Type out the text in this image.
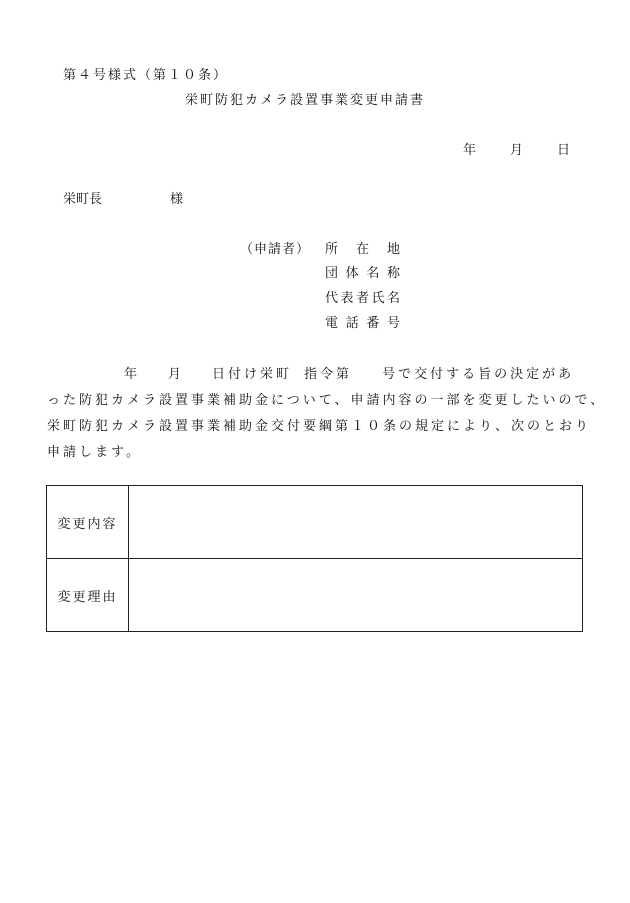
第４号様式（第１０条）
栄町防犯カメラ設置事業変更申請書
年	月	日
栄町長	様
（申請者） 所在地
団体名称
代表者氏名
電話番号
年 月 日付け栄町 指令第 号で交付する旨の決定があ
った防犯カメラ設置事業補助金について、申請内容の一部を変更したいので、
栄町防犯カメラ設置事業補助金交付要綱第１０条の規定により、次のとおり
申請します。
変更内容	
変更理由	
